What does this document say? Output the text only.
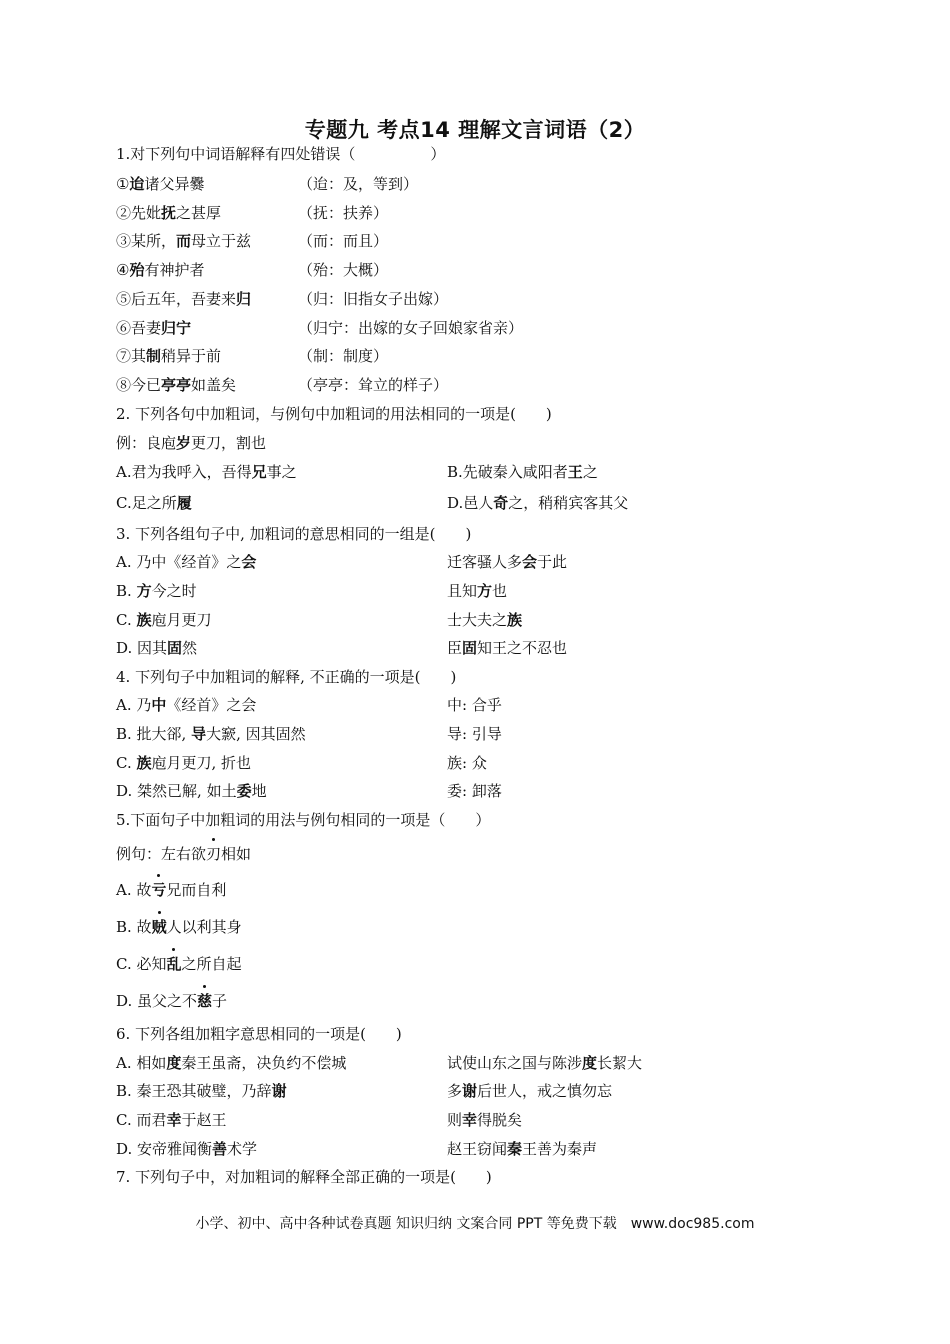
专题九 考点14 理解文言词语（2）
1.对下列句中词语解释有四处错误（　　　　　）
①迨诸父异爨	（迨：及，等到）
②先妣抚之甚厚	（抚：扶养）
③某所，而母立于兹	（而：而且）
④殆有神护者	（殆：大概）
⑤后五年，吾妻来归	（归：旧指女子出嫁）
⑥吾妻归宁	（归宁：出嫁的女子回娘家省亲）
⑦其制稍异于前	（制：制度）
⑧今已亭亭如盖矣	（亭亭：耸立的样子）
2. 下列各句中加粗词，与例句中加粗词的用法相同的一项是(　　)
例：良庖岁更刀，割也
A.君为我呼入，吾得兄事之	B.先破秦入咸阳者王之
C.足之所履	D.邑人奇之，稍稍宾客其父
3. 下列各组句子中, 加粗词的意思相同的一组是(　　)
A. 乃中《经首》之会	迁客骚人多会于此
B. 方今之时	且知方也
C. 族庖月更刀	士大夫之族
D. 因其固然	臣固知王之不忍也
4. 下列句子中加粗词的解释, 不正确的一项是(　　)
A. 乃中《经首》之会	中: 合乎
B. 批大郤, 导大窾, 因其固然	导: 引导
C. 族庖月更刀, 折也	族: 众
D. 桀然已解, 如土委地	委: 卸落
5.下面句子中加粗词的用法与例句相同的一项是（　　）
例句：左右欲刃相如
A. 故亏兄而自利
B. 故贼人以利其身
C. 必知乱之所自起
D. 虽父之不慈子
6. 下列各组加粗字意思相同的一项是(　　)
A. 相如度秦王虽斋，决负约不偿城	试使山东之国与陈涉度长絜大
B. 秦王恐其破璧，乃辞谢	多谢后世人，戒之慎勿忘
C. 而君幸于赵王	则幸得脱矣
D. 安帝雅闻衡善术学	赵王窃闻秦王善为秦声
7. 下列句子中，对加粗词的解释全部正确的一项是(　　)
小学、初中、高中各种试卷真题 知识归纳 文案合同 PPT 等免费下载　www.doc985.com
